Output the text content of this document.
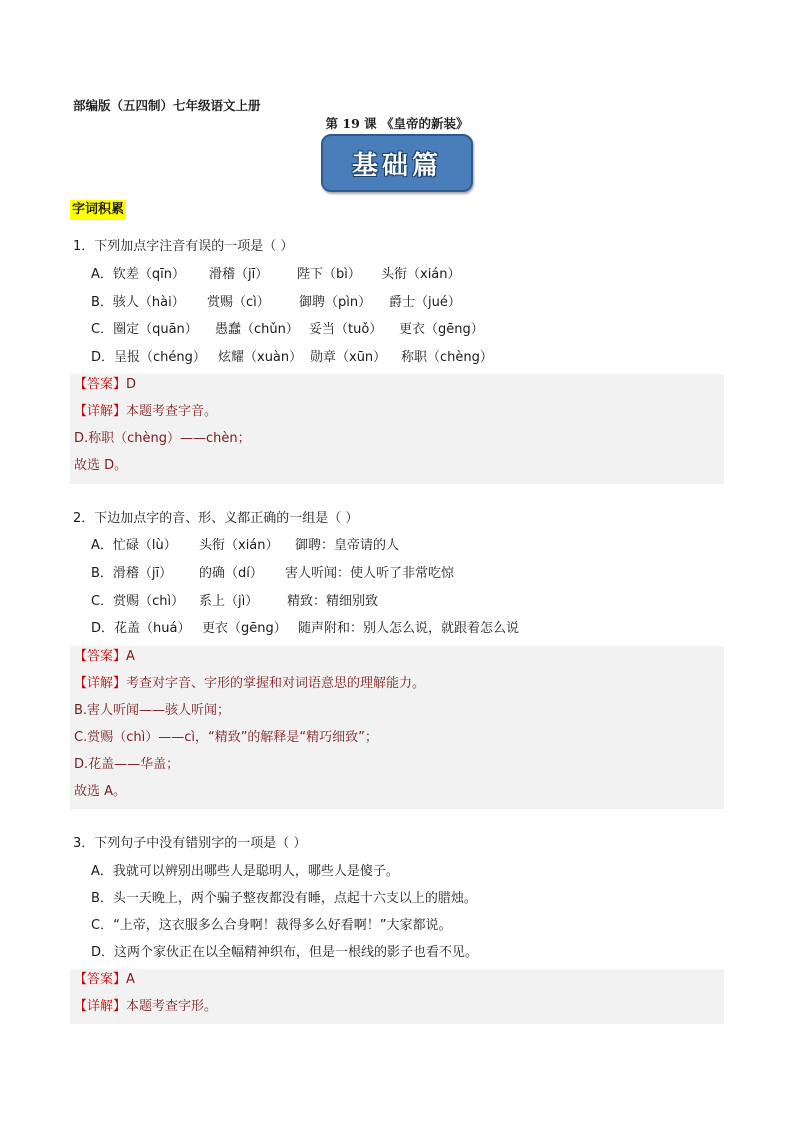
部编版（五四制）七年级语文上册
第 19 课 《皇帝的新装》
基础篇
字词积累
1．下列加点字注音有误的一项是（ ）
A．钦差（qīn） 滑稽（jī） 陛下（bì） 头衔（xián）
B．骇人（hài） 赏赐（cì） 御聘（pìn） 爵士（jué）
C．圈定（quān） 愚蠢（chǔn） 妥当（tuǒ） 更衣（gēng）
D．呈报（chéng） 炫耀（xuàn） 勋章（xūn） 称职（chèng）
【答案】D
【详解】本题考查字音。
D.称职（chèng）——chèn；
故选 D。
2．下边加点字的音、形、义都正确的一组是（ ）
A．忙碌（lù） 头衔（xián） 御聘：皇帝请的人
B．滑稽（jī） 的确（dí） 害人听闻：使人听了非常吃惊
C．赏赐（chì） 系上（jì） 精致：精细别致
D．花盖（huá） 更衣（gēng） 随声附和：别人怎么说，就跟着怎么说
【答案】A
【详解】考查对字音、字形的掌握和对词语意思的理解能力。
B.害人听闻——骇人听闻；
C.赏赐（chì）——cì，“精致”的解释是“精巧细致”；
D.花盖——华盖；
故选 A。
3．下列句子中没有错别字的一项是（ ）
A．我就可以辨别出哪些人是聪明人，哪些人是傻子。
B．头一天晚上，两个骗子整夜都没有睡，点起十六支以上的腊烛。
C．“上帝，这衣服多么合身啊！裁得多么好看啊！”大家都说。
D．这两个家伙正在以全幅精神织布，但是一根线的影子也看不见。
【答案】A
【详解】本题考查字形。
